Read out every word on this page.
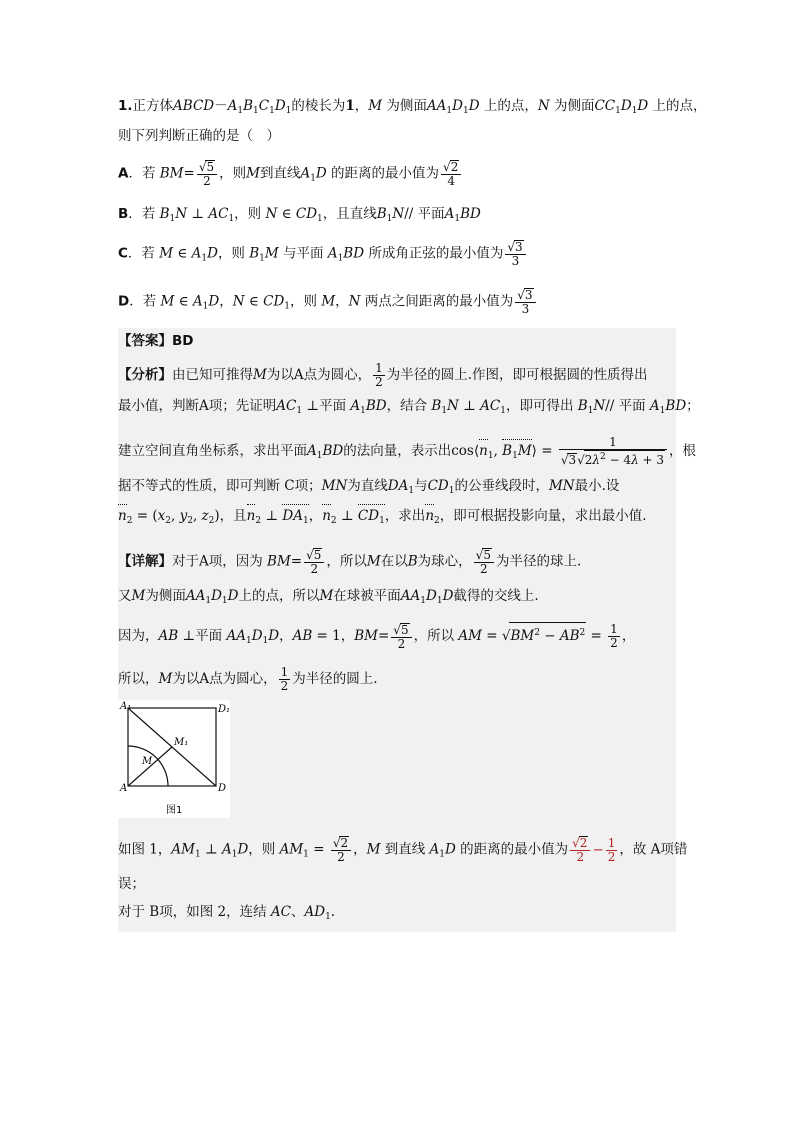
1.正方体$ABCD-A_1B_1C_1D_1$的棱长为1，M 为侧面$AA_1D_1D$ 上的点，N 为侧面$CC_1D_1D$ 上的点，
则下列判断正确的是（　）
A．若 $BM= \frac{√5}{2}$ ，则M到直线$A_1D$ 的距离的最小值为 $\frac{√2}{4}$
B．若 $B_1N$ ⊥ $AC_1$，则 N ∈ $CD_1$，且直线$B_1N//$ 平面$A_1BD$
C．若 M ∈ $A_1D$，则 $B_1M$ 与平面 $A_1BD$ 所成角正弦的最小值为 $\frac{√3}{3}$
D．若 M ∈ $A_1D$，N ∈ $CD_1$，则 M，N 两点之间距离的最小值为 $\frac{√3}{3}$
【答案】BD
【分析】由已知可推得M为以A点为圆心， $\frac{1}{2}$ 为半径的圆上.作图，即可根据圆的性质得出
最小值，判断A项；先证明$AC_1$ ⊥平面 $A_1BD$，结合 $B_1N$ ⊥ $AC_1$，即可得出 $B_1N//$ 平面 $A_1BD$；
建立空间直角坐标系，求出平面$A_1BD$的法向量，表示出$\cos⟨n_1$, $B_1M⟩ = \frac{1}{√3√2\lambda^2 - 4\lambda + 3}$ ，根
据不等式的性质，即可判断 C项；MN为直线$DA_1$与$CD_1$的公垂线段时，MN最小.设
$n_2 = (x_2$, $y_2$, $z_2$)，且$n_2$ ⊥ $DA_1$，$n_2$ ⊥ $CD_1$，求出$n_2$，即可根据投影向量，求出最小值.
【详解】对于A项，因为 $BM= \frac{√5}{2}$ ，所以M在以B为球心， $\frac{√5}{2}$ 为半径的球上.
又M为侧面$AA_1D_1D$上的点，所以M在球被平面$AA_1D_1D$截得的交线上.
因为，AB ⊥平面 $AA_1D_1D$，AB = 1，$BM= \frac{√5}{2}$ ，所以 AM = $√BM^2 - AB^2 = \frac{1}{2}$ ，
所以，M为以A点为圆心， $\frac{1}{2}$ 为半径的圆上.
A₁	D₁
A	D
M
M₁
图1
如图 1，$AM_1$ ⊥ $A_1D$，则 $AM_1 = \frac{√2}{2}$ ，M 到直线 $A_1D$ 的距离的最小值为 $\frac{√2}{2} - \frac{1}{2}$ ，故 A项错
误；
对于 B项，如图 2，连结 AC、$AD_1$.
